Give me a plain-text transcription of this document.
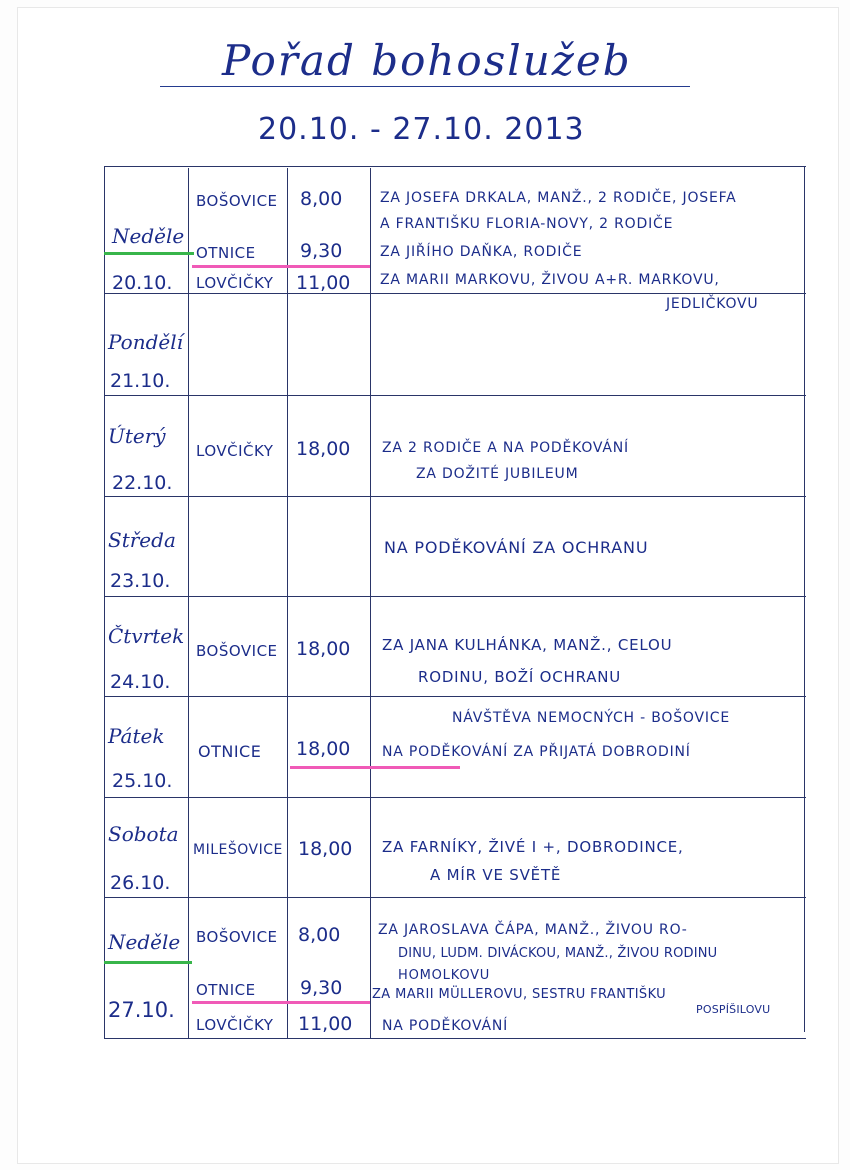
Pořad bohoslužeb
20.10. - 27.10. 2013
Neděle
20.10.
BOŠOVICE 8,00
OTNICE 9,30
LOVČIČKY 11,00
ZA JOSEFA DRKALA, MANŽ., 2 RODIČE, JOSEFA
A FRANTIŠKU FLORIA-NOVY, 2 RODIČE
ZA JIŘÍHO DAŇKA, RODIČE
ZA MARII MARKOVU, ŽIVOU A+R. MARKOVU,
JEDLIČKOVU
Pondělí
21.10.
Úterý
22.10.
LOVČIČKY 18,00 ZA 2 RODIČE A NA PODĚKOVÁNÍ
ZA DOŽITÉ JUBILEUM
Středa
23.10.
NA PODĚKOVÁNÍ ZA OCHRANU
Čtvrtek
24.10.
BOŠOVICE 18,00 ZA JANA KULHÁNKA, MANŽ., CELOU
RODINU, BOŽÍ OCHRANU
Pátek
25.10.
OTNICE 18,00
NÁVŠTĚVA NEMOCNÝCH - BOŠOVICE
NA PODĚKOVÁNÍ ZA PŘIJATÁ DOBRODINÍ
Sobota
26.10.
MILEŠOVICE 18,00 ZA FARNÍKY, ŽIVÉ I +, DOBRODINCE,
A MÍR VE SVĚTĚ
Neděle
27.10.
BOŠOVICE 8,00
OTNICE 9,30
LOVČIČKY 11,00
ZA JAROSLAVA ČÁPA, MANŽ., ŽIVOU RO-
DINU, LUDM. DIVÁCKOU, MANŽ., ŽIVOU RODINU
HOMOLKOVU
ZA MARII MÜLLEROVU, SESTRU FRANTIŠKU
POSPÍŠILOVU
NA PODĚKOVÁNÍ
